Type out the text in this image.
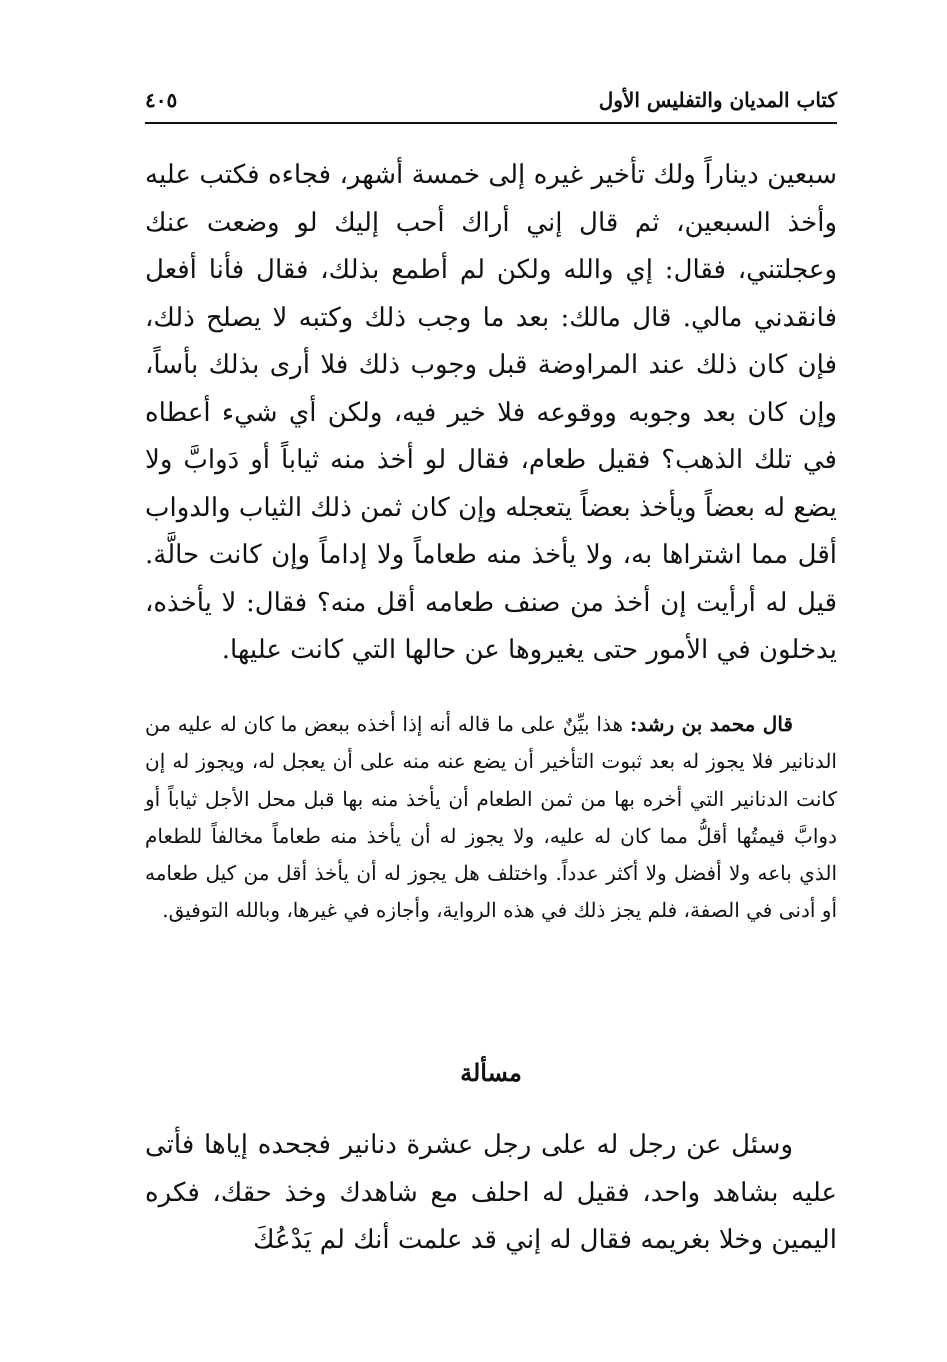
كتاب المديان والتفليس الأول
٤٠٥

سبعين ديناراً ولك تأخير غيره إلى خمسة أشهر، فجاءه فكتب عليه وأخذ السبعين، ثم قال إني أراك أحب إليك لو وضعت عنك وعجلتني، فقال: إي والله ولكن لم أطمع بذلك، فقال فأنا أفعل فانقدني مالي. قال مالك: بعد ما وجب ذلك وكتبه لا يصلح ذلك، فإن كان ذلك عند المراوضة قبل وجوب ذلك فلا أرى بذلك بأساً، وإن كان بعد وجوبه ووقوعه فلا خير فيه، ولكن أي شيء أعطاه في تلك الذهب؟ فقيل طعام، فقال لو أخذ منه ثياباً أو دَوابَّ ولا يضع له بعضاً ويأخذ بعضاً يتعجله وإن كان ثمن ذلك الثياب والدواب أقل مما اشتراها به، ولا يأخذ منه طعاماً ولا إداماً وإن كانت حالَّة. قيل له أرأيت إن أخذ من صنف طعامه أقل منه؟ فقال: لا يأخذه، يدخلون في الأمور حتى يغيروها عن حالها التي كانت عليها.

قال محمد بن رشد: هذا بيِّنٌ على ما قاله أنه إذا أخذه ببعض ما كان له عليه من الدنانير فلا يجوز له بعد ثبوت التأخير أن يضع عنه منه على أن يعجل له، ويجوز له إن كانت الدنانير التي أخره بها من ثمن الطعام أن يأخذ منه بها قبل محل الأجل ثياباً أو دوابَّ قيمتُها أقلُّ مما كان له عليه، ولا يجوز له أن يأخذ منه طعاماً مخالفاً للطعام الذي باعه ولا أفضل ولا أكثر عدداً. واختلف هل يجوز له أن يأخذ أقل من كيل طعامه أو أدنى في الصفة، فلم يجز ذلك في هذه الرواية، وأجازه في غيرها، وبالله التوفيق.

مسألة

وسئل عن رجل له على رجل عشرة دنانير فجحده إياها فأتى عليه بشاهد واحد، فقيل له احلف مع شاهدك وخذ حقك، فكره اليمين وخلا بغريمه فقال له إني قد علمت أنك لم يَدْعُكَ
